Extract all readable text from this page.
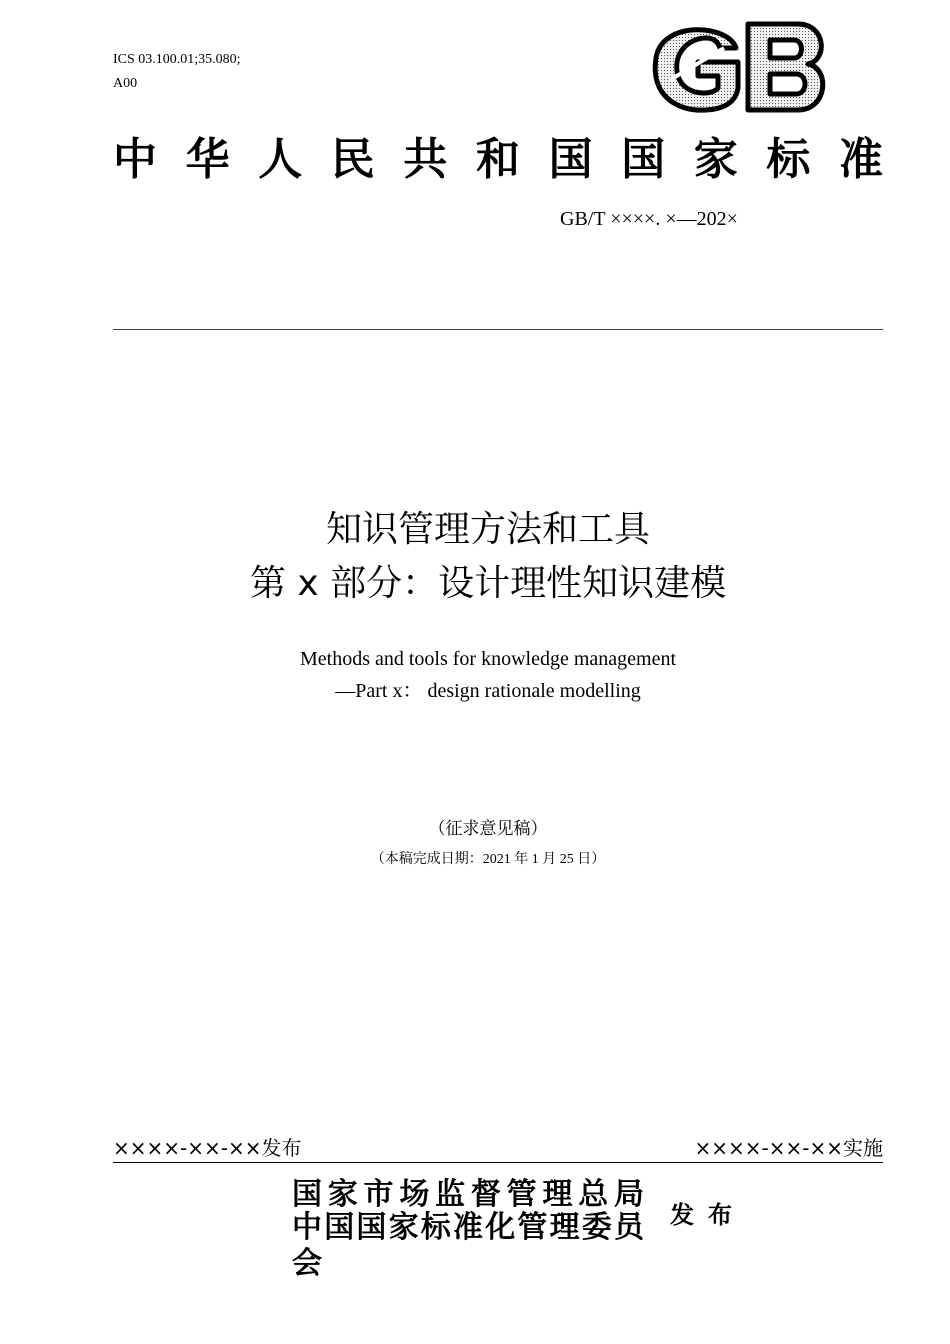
ICS 03.100.01;35.080;
A00
中华人民共和国国家标准
GB/T ××××. ×—202×
知识管理方法和工具
第 x 部分：设计理性知识建模
Methods and tools for knowledge management
—Part x： design rationale modelling
（征求意见稿）
（本稿完成日期：2021 年 1 月 25 日）
××××-××-××发布	××××-××-××实施
国家市场监督管理总局
中国国家标准化管理委员会
发布
